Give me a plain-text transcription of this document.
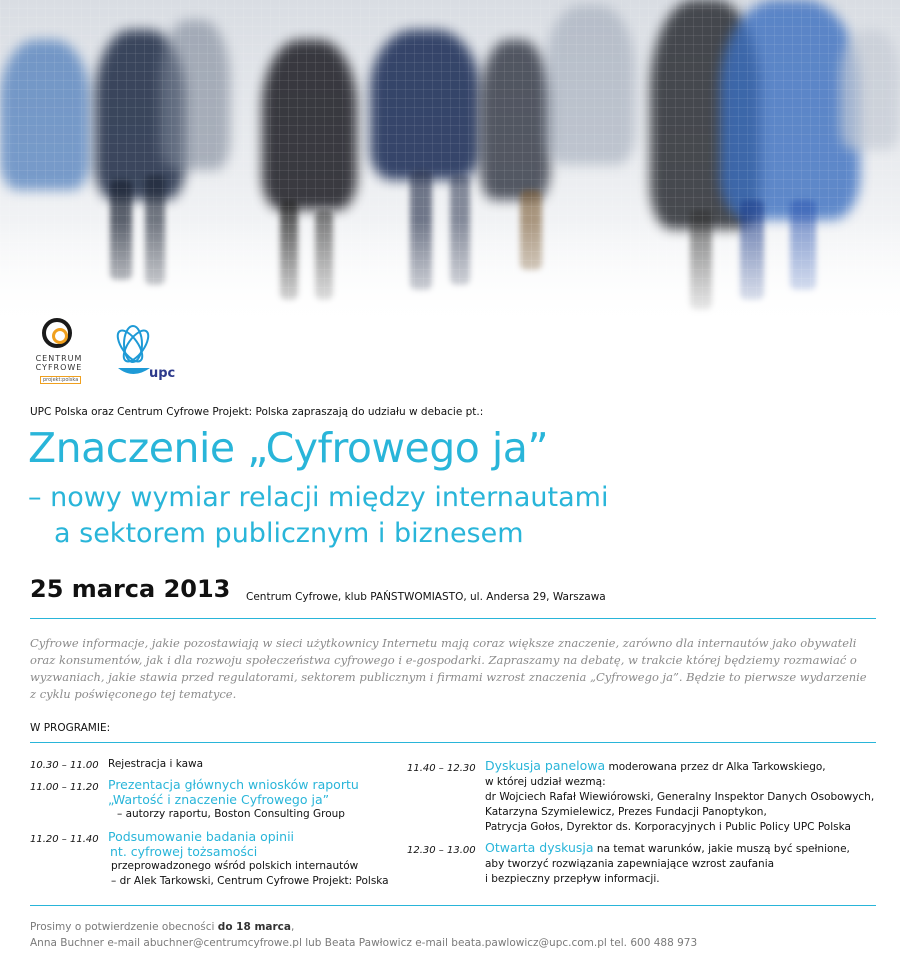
CENTRUM
CYFROWE
projekt:polska	upc
UPC Polska oraz Centrum Cyfrowe Projekt: Polska zapraszają do udziału w debacie pt.:
Znaczenie „Cyfrowego ja”
– nowy wymiar relacji między internautami
a sektorem publicznym i biznesem
25 marca 2013 Centrum Cyfrowe, klub PAŃSTWOMIASTO, ul. Andersa 29, Warszawa
Cyfrowe informacje, jakie pozostawiają w sieci użytkownicy Internetu mają coraz większe znaczenie, zarówno dla internautów jako obywateli oraz konsumentów, jak i dla rozwoju społeczeństwa cyfrowego i e-gospodarki. Zapraszamy na debatę, w trakcie której będziemy rozmawiać o wyzwaniach, jakie stawia przed regulatorami, sektorem publicznym i firmami wzrost znaczenia „Cyfrowego ja”. Będzie to pierwsze wydarzenie z cyklu poświęconego tej tematyce.
W PROGRAMIE:
10.30 – 11.00 Rejestracja i kawa
11.00 – 11.20 Prezentacja głównych wniosków raportu
„Wartość i znaczenie Cyfrowego ja”
– autorzy raportu, Boston Consulting Group
11.20 – 11.40 Podsumowanie badania opinii
nt. cyfrowej tożsamości
przeprowadzonego wśród polskich internautów
– dr Alek Tarkowski, Centrum Cyfrowe Projekt: Polska
11.40 – 12.30 Dyskusja panelowa moderowana przez dr Alka Tarkowskiego,
w której udział wezmą:
dr Wojciech Rafał Wiewiórowski, Generalny Inspektor Danych Osobowych,
Katarzyna Szymielewicz, Prezes Fundacji Panoptykon,
Patrycja Gołos, Dyrektor ds. Korporacyjnych i Public Policy UPC Polska
12.30 – 13.00 Otwarta dyskusja na temat warunków, jakie muszą być spełnione,
aby tworzyć rozwiązania zapewniające wzrost zaufania
i bezpieczny przepływ informacji.
Prosimy o potwierdzenie obecności do 18 marca,
Anna Buchner e-mail abuchner@centrumcyfrowe.pl lub Beata Pawłowicz e-mail beata.pawlowicz@upc.com.pl tel. 600 488 973
